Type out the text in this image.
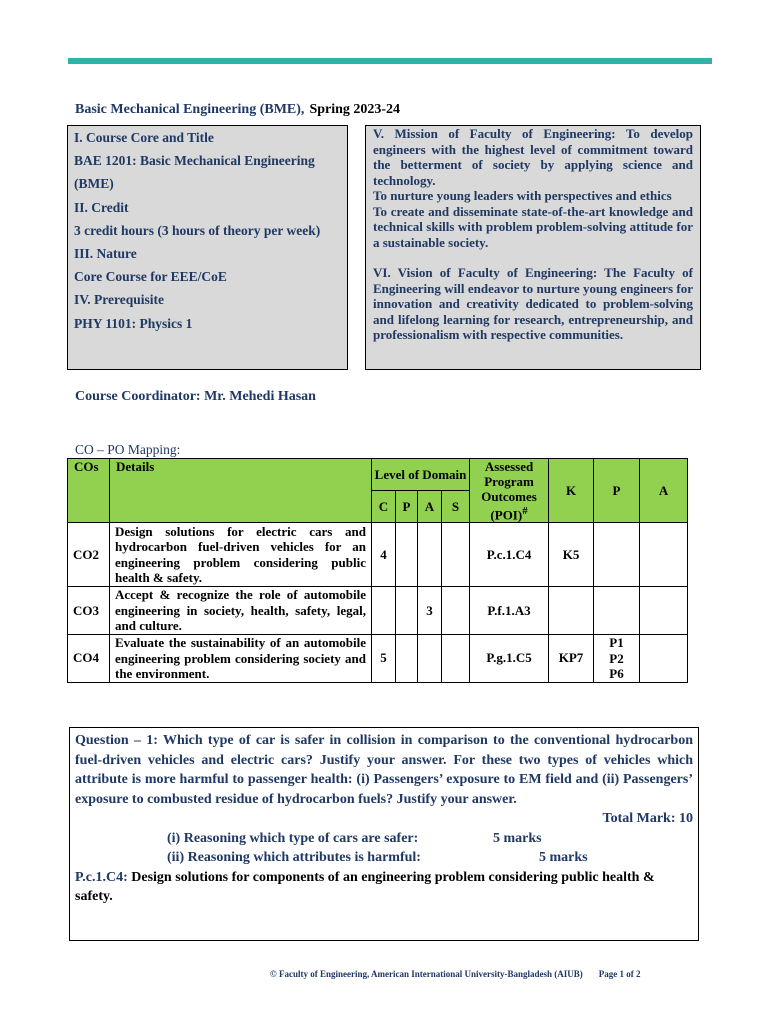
Basic Mechanical Engineering (BME), Spring 2023-24
I. Course Core and Title
BAE 1201: Basic Mechanical Engineering
(BME)
II. Credit
3 credit hours (3 hours of theory per week)
III. Nature
Core Course for EEE/CoE
IV. Prerequisite
PHY 1101: Physics 1

V. Mission of Faculty of Engineering: To develop engineers with the highest level of commitment toward the betterment of society by applying science and technology.

To nurture young leaders with perspectives and ethics

To create and disseminate state-of-the-art knowledge and technical skills with problem problem-solving attitude for a sustainable society.

VI. Vision of Faculty of Engineering: The Faculty of Engineering will endeavor to nurture young engineers for innovation and creativity dedicated to problem-solving and lifelong learning for research, entrepreneurship, and professionalism with respective communities.

Course Coordinator: Mr. Mehedi Hasan
CO – PO Mapping:
COs	Details	Level of Domain				Assessed Program Outcomes (POI)#	K	P	A
		C	P	A	S				
CO2	Design solutions for electric cars and hydrocarbon fuel-driven vehicles for an engineering problem considering public health & safety.	4				P.c.1.C4	K5		
CO3	Accept & recognize the role of automobile engineering in society, health, safety, legal, and culture.			3		P.f.1.A3			
CO4	Evaluate the sustainability of an automobile engineering problem considering society and the environment.	5				P.g.1.C5	KP7	P1
P2
P6	

Question – 1: Which type of car is safer in collision in comparison to the conventional hydrocarbon fuel-driven vehicles and electric cars? Justify your answer. For these two types of vehicles which attribute is more harmful to passenger health: (i) Passengers’ exposure to EM field and (ii) Passengers’ exposure to combusted residue of hydrocarbon fuels? Justify your answer.

Total Mark: 10
(i) Reasoning which type of cars are safer:	5 marks
(ii) Reasoning which attributes is harmful:	5 marks

P.c.1.C4: Design solutions for components of an engineering problem considering public health & safety.

© Faculty of Engineering, American International University-Bangladesh (AIUB) Page 1 of 2
